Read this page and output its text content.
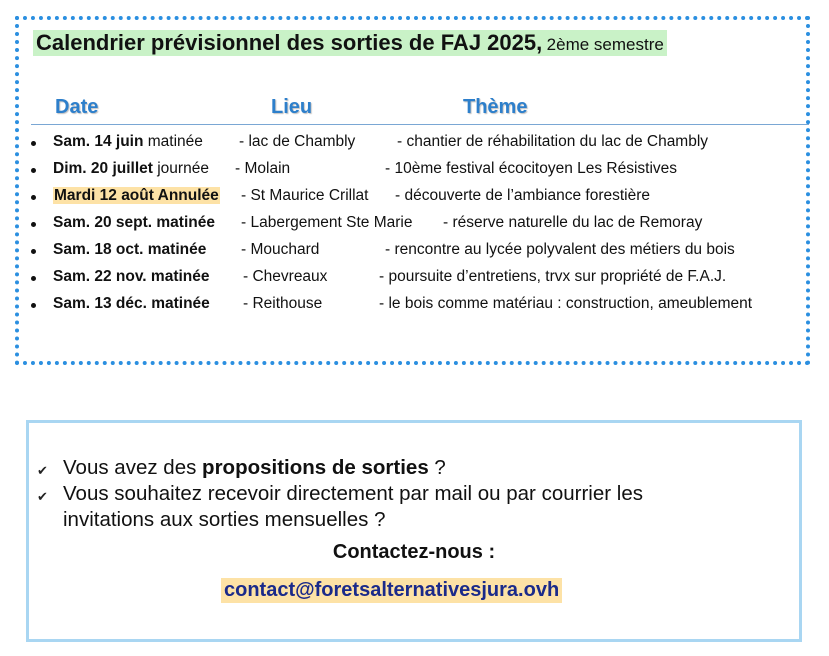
Calendrier prévisionnel des sorties de FAJ 2025, 2ème semestre
Date	Lieu	Thème
Sam. 14 juin matinée - lac de Chambly	- chantier de réhabilitation du lac de Chambly
Dim. 20 juillet journée - Molain	- 10ème festival écocitoyen Les Résistives
Mardi 12 août Annulée - St Maurice Crillat - découverte de l’ambiance forestière
Sam. 20 sept. matinée - Labergement Ste Marie - réserve naturelle du lac de Remoray
Sam. 18 oct. matinée - Mouchard	- rencontre au lycée polyvalent des métiers du bois
Sam. 22 nov. matinée - Chevreaux	- poursuite d’entretiens, trvx sur propriété de F.A.J.
Sam. 13 déc. matinée - Reithouse	- le bois comme matériau : construction, ameublement
✔ Vous avez des propositions de sorties ?
✔ Vous souhaitez recevoir directement par mail ou par courrier les
invitations aux sorties mensuelles ?
Contactez-nous :
contact@foretsalternativesjura.ovh
